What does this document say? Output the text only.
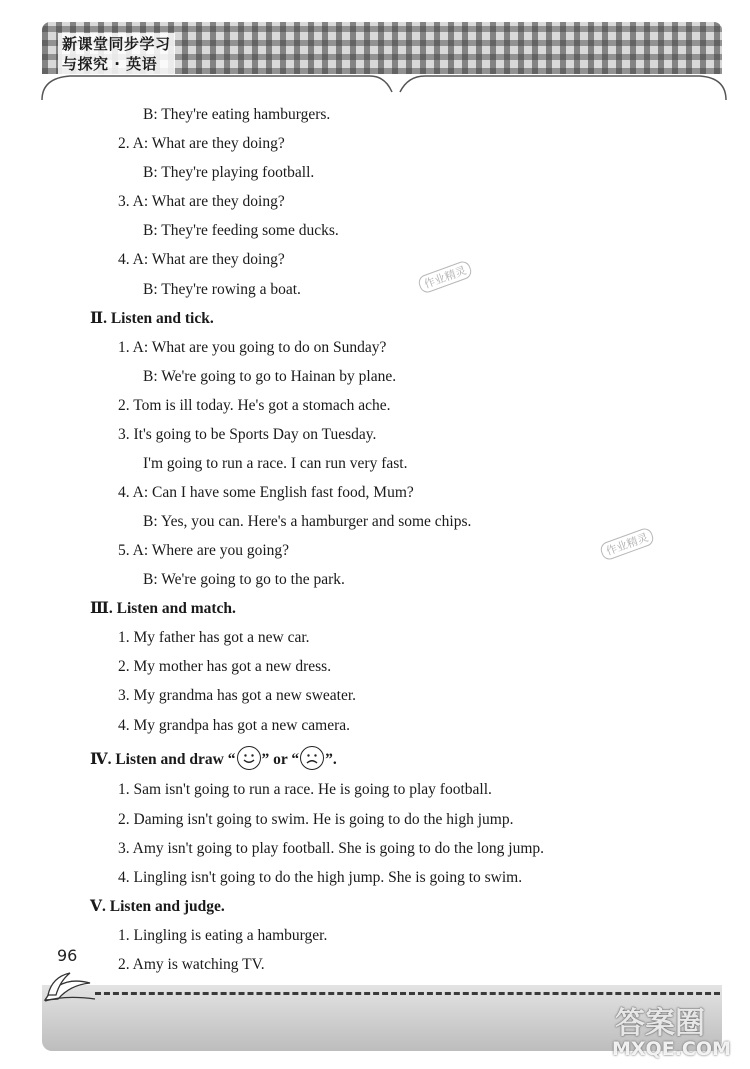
新课堂同步学习
与探究 · 英语
B: They're eating hamburgers.
2. A: What are they doing?
B: They're playing football.
3. A: What are they doing?
B: They're feeding some ducks.
4. A: What are they doing?
B: They're rowing a boat.	作业精灵
Ⅱ. Listen and tick.
1. A: What are you going to do on Sunday?
B: We're going to go to Hainan by plane.
2. Tom is ill today. He's got a stomach ache.
3. It's going to be Sports Day on Tuesday.
I'm going to run a race. I can run very fast.
4. A: Can I have some English fast food, Mum?
B: Yes, you can. Here's a hamburger and some chips.
5. A: Where are you going?
B: We're going to go to the park.
作业精灵
Ⅲ. Listen and match.
1. My father has got a new car.
2. My mother has got a new dress.
3. My grandma has got a new sweater.
4. My grandpa has got a new camera.
Ⅳ. Listen and draw “ ” or “ ”.
1. Sam isn't going to run a race. He is going to play football.
2. Daming isn't going to swim. He is going to do the high jump.
3. Amy isn't going to play football. She is going to do the long jump.
4. Lingling isn't going to do the high jump. She is going to swim.
Ⅴ. Listen and judge.
1. Lingling is eating a hamburger.
2. Amy is watching TV.
96
答案圈
MXQE.COM
